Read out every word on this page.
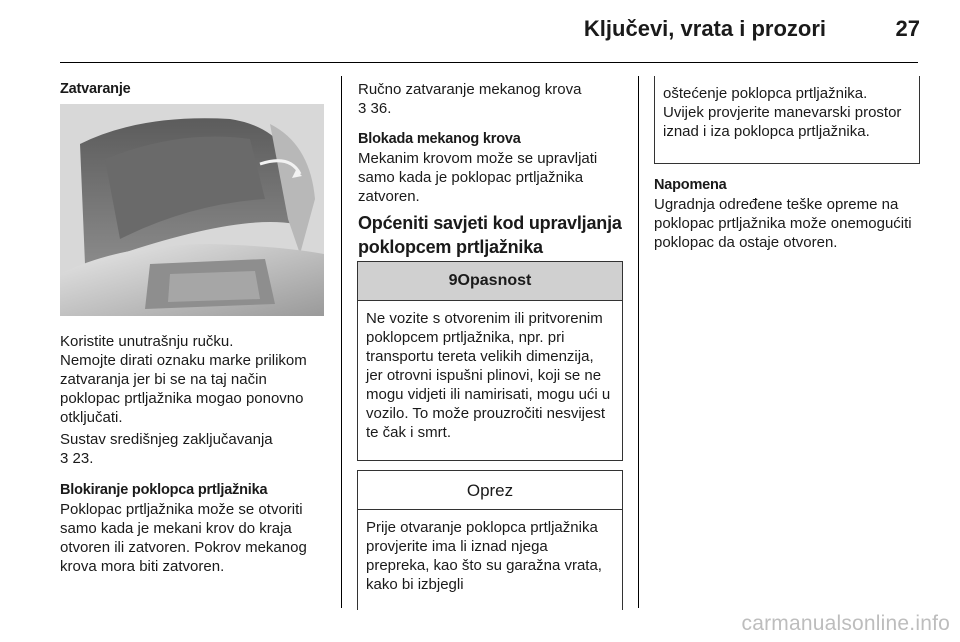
Ključevi, vrata i prozori	27

Zatvaranje

Koristite unutrašnju ručku.

Nemojte dirati oznaku marke prilikom zatvaranja jer bi se na taj način poklopac prtljažnika mogao ponovno otključati.

Sustav središnjeg zaključavanja

3 23.

Blokiranje poklopca prtljažnika

Poklopac prtljažnika može se otvoriti samo kada je mekani krov do kraja otvoren ili zatvoren. Pokrov mekanog krova mora biti zatvoren.

Ručno zatvaranje mekanog krova

3 36.

Blokada mekanog krova

Mekanim krovom može se upravljati samo kada je poklopac prtljažnika zatvoren.

Općeniti savjeti kod upravljanja poklopcem prtljažnika

9Opasnost

Ne vozite s otvorenim ili pritvorenim poklopcem prtljažnika, npr. pri transportu tereta velikih dimenzija, jer otrovni ispušni plinovi, koji se ne mogu vidjeti ili namirisati, mogu ući u vozilo. To može prouzročiti nesvijest te čak i smrt.

Oprez

Prije otvaranje poklopca prtljažnika provjerite ima li iznad njega prepreka, kao što su garažna vrata, kako bi izbjegli

oštećenje poklopca prtljažnika. Uvijek provjerite manevarski prostor iznad i iza poklopca prtljažnika.

Napomena

Ugradnja određene teške opreme na poklopac prtljažnika može onemogućiti poklopac da ostaje otvoren.

carmanualsonline.info
